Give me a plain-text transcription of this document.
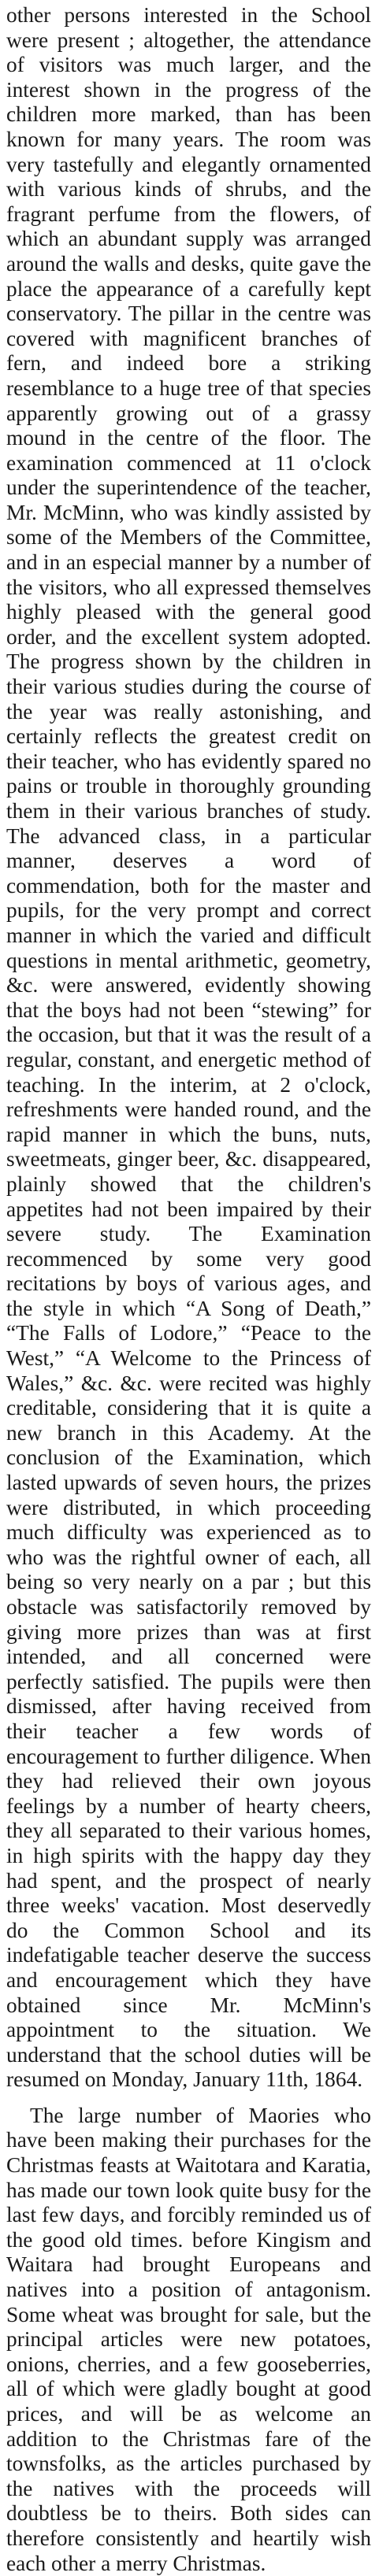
other persons interested in the School were present ; altogether, the attendance of visitors was much larger, and the interest shown in the progress of the children more marked, than has been known for many years. The room was very tastefully and elegantly ornamented with various kinds of shrubs, and the fragrant perfume from the flowers, of which an abundant supply was arranged around the walls and desks, quite gave the place the appearance of a carefully kept conservatory. The pillar in the centre was covered with magnificent branches of fern, and indeed bore a striking resemblance to a huge tree of that species apparently growing out of a grassy mound in the centre of the floor. The examination commenced at 11 o'clock under the superintendence of the teacher, Mr. McMinn, who was kindly assisted by some of the Members of the Committee, and in an especial manner by a number of the visitors, who all expressed themselves highly pleased with the general good order, and the excellent system adopted. The progress shown by the children in their various studies during the course of the year was really astonishing, and certainly reflects the greatest credit on their teacher, who has evidently spared no pains or trouble in thoroughly grounding them in their various branches of study. The advanced class, in a particular manner, deserves a word of commendation, both for the master and pupils, for the very prompt and correct manner in which the varied and difficult questions in mental arithmetic, geometry, &c. were answered, evidently showing that the boys had not been “stewing” for the occasion, but that it was the result of a regular, constant, and energetic method of teaching. In the interim, at 2 o'clock, refreshments were handed round, and the rapid manner in which the buns, nuts, sweetmeats, ginger beer, &c. disappeared, plainly showed that the children's appetites had not been impaired by their severe study. The Examination recommenced by some very good recitations by boys of various ages, and the style in which “A Song of Death,” “The Falls of Lodore,” “Peace to the West,” “A Welcome to the Princess of Wales,” &c. &c. were recited was highly creditable, considering that it is quite a new branch in this Academy. At the conclusion of the Examination, which lasted upwards of seven hours, the prizes were distributed, in which proceeding much difficulty was experienced as to who was the rightful owner of each, all being so very nearly on a par ; but this obstacle was satisfactorily removed by giving more prizes than was at first intended, and all concerned were perfectly satisfied. The pupils were then dismissed, after having received from their teacher a few words of encouragement to further diligence. When they had relieved their own joyous feelings by a number of hearty cheers, they all separated to their various homes, in high spirits with the happy day they had spent, and the prospect of nearly three weeks' vacation. Most deservedly do the Common School and its indefatigable teacher deserve the success and encouragement which they have obtained since Mr. McMinn's appointment to the situation. We understand that the school duties will be resumed on Monday, January 11th, 1864.

The large number of Maories who have been making their purchases for the Christmas feasts at Waitotara and Karatia, has made our town look quite busy for the last few days, and forcibly reminded us of the good old times. before Kingism and Waitara had brought Europeans and natives into a position of antagonism. Some wheat was brought for sale, but the principal articles were new potatoes, onions, cherries, and a few gooseberries, all of which were gladly bought at good prices, and will be as welcome an addition to the Christmas fare of the townsfolks, as the articles purchased by the natives with the proceeds will doubtless be to theirs. Both sides can therefore consistently and heartily wish each other a merry Christmas.
